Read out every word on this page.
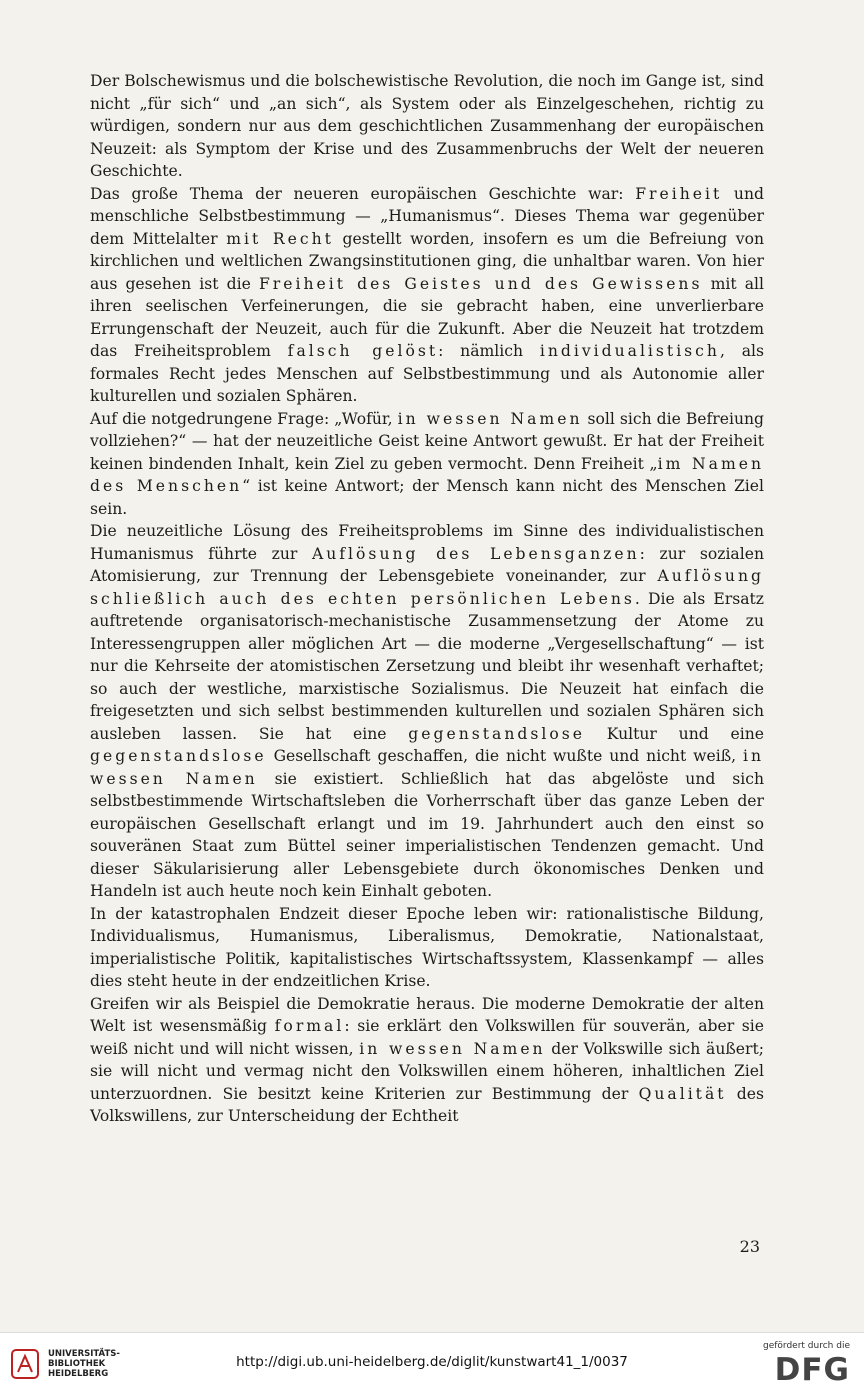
Der Bolschewismus und die bolschewistische Revolution, die noch im Gange ist, sind nicht „für sich“ und „an sich“, als System oder als Einzelgeschehen, richtig zu würdigen, sondern nur aus dem geschichtlichen Zusammenhang der europäischen Neuzeit: als Symptom der Krise und des Zusammenbruchs der Welt der neueren Geschichte.

Das große Thema der neueren europäischen Geschichte war: Freiheit und menschliche Selbstbestimmung — „Humanismus“. Dieses Thema war gegenüber dem Mittelalter mit Recht gestellt worden, insofern es um die Befreiung von kirchlichen und weltlichen Zwangsinstitutionen ging, die unhaltbar waren. Von hier aus gesehen ist die Freiheit des Geistes und des Gewissens mit all ihren seelischen Verfeinerungen, die sie gebracht haben, eine unverlierbare Errungenschaft der Neuzeit, auch für die Zukunft. Aber die Neuzeit hat trotzdem das Freiheitsproblem falsch gelöst: nämlich individualistisch, als formales Recht jedes Menschen auf Selbstbestimmung und als Autonomie aller kulturellen und sozialen Sphären.

Auf die notgedrungene Frage: „Wofür, in wessen Namen soll sich die Befreiung vollziehen?“ — hat der neuzeitliche Geist keine Antwort gewußt. Er hat der Freiheit keinen bindenden Inhalt, kein Ziel zu geben vermocht. Denn Freiheit „im Namen des Menschen“ ist keine Antwort; der Mensch kann nicht des Menschen Ziel sein.

Die neuzeitliche Lösung des Freiheitsproblems im Sinne des individualistischen Humanismus führte zur Auflösung des Lebensganzen: zur sozialen Atomisierung, zur Trennung der Lebensgebiete voneinander, zur Auflösung schließlich auch des echten persönlichen Lebens. Die als Ersatz auftretende organisatorisch-mechanistische Zusammensetzung der Atome zu Interessengruppen aller möglichen Art — die moderne „Vergesellschaftung“ — ist nur die Kehrseite der atomistischen Zersetzung und bleibt ihr wesenhaft verhaftet; so auch der westliche, marxistische Sozialismus. Die Neuzeit hat einfach die freigesetzten und sich selbst bestimmenden kulturellen und sozialen Sphären sich ausleben lassen. Sie hat eine gegenstandslose Kultur und eine gegenstandslose Gesellschaft geschaffen, die nicht wußte und nicht weiß, in wessen Namen sie existiert. Schließlich hat das abgelöste und sich selbstbestimmende Wirtschaftsleben die Vorherrschaft über das ganze Leben der europäischen Gesellschaft erlangt und im 19. Jahrhundert auch den einst so souveränen Staat zum Büttel seiner imperialistischen Tendenzen gemacht. Und dieser Säkularisierung aller Lebensgebiete durch ökonomisches Denken und Handeln ist auch heute noch kein Einhalt geboten.

In der katastrophalen Endzeit dieser Epoche leben wir: rationalistische Bildung, Individualismus, Humanismus, Liberalismus, Demokratie, Nationalstaat, imperialistische Politik, kapitalistisches Wirtschaftssystem, Klassenkampf — alles dies steht heute in der endzeitlichen Krise.

Greifen wir als Beispiel die Demokratie heraus. Die moderne Demokratie der alten Welt ist wesensmäßig formal: sie erklärt den Volkswillen für souverän, aber sie weiß nicht und will nicht wissen, in wessen Namen der Volkswille sich äußert; sie will nicht und vermag nicht den Volkswillen einem höheren, inhaltlichen Ziel unterzuordnen. Sie besitzt keine Kriterien zur Bestimmung der Qualität des Volkswillens, zur Unterscheidung der Echtheit

23
UNIVERSITÄTS-
BIBLIOTHEK
HEIDELBERG
http://digi.ub.uni-heidelberg.de/diglit/kunstwart41_1/0037
gefördert durch die
DFG
